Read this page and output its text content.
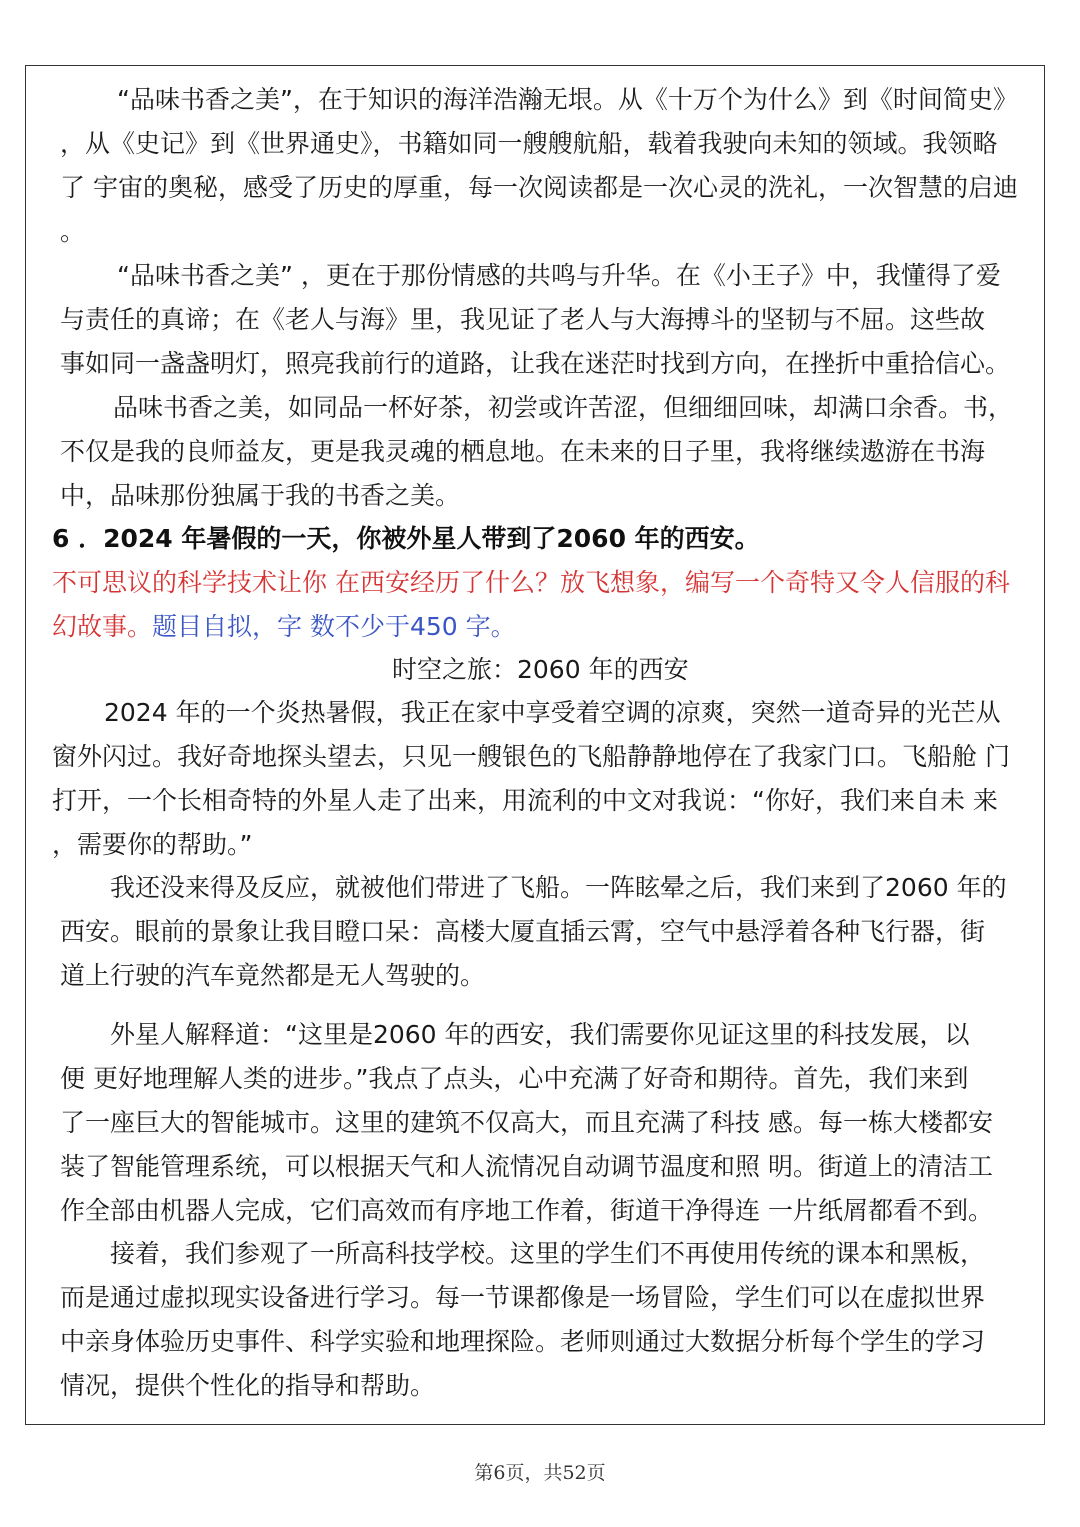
“品味书香之美”，在于知识的海洋浩瀚无垠。从《十万个为什么》到《时间简史》
，从《史记》到《世界通史》，书籍如同一艘艘航船，载着我驶向未知的领域。我领略
了 宇宙的奥秘，感受了历史的厚重，每一次阅读都是一次心灵的洗礼，一次智慧的启迪
。
“品味书香之美” ，更在于那份情感的共鸣与升华。在《小王子》中，我懂得了爱
与责任的真谛；在《老人与海》里，我见证了老人与大海搏斗的坚韧与不屈。这些故
事如同一盏盏明灯，照亮我前行的道路，让我在迷茫时找到方向，在挫折中重拾信心。
品味书香之美，如同品一杯好茶，初尝或许苦涩，但细细回味，却满口余香。书，
不仅是我的良师益友，更是我灵魂的栖息地。在未来的日子里，我将继续遨游在书海
中，品味那份独属于我的书香之美。
6 ．2024 年暑假的一天，你被外星人带到了2060 年的西安。
不可思议的科学技术让你 在西安经历了什么？放飞想象，编写一个奇特又令人信服的科
幻故事。题目自拟，字 数不少于450 字。
时空之旅：2060 年的西安
2024 年的一个炎热暑假，我正在家中享受着空调的凉爽，突然一道奇异的光芒从
窗外闪过。我好奇地探头望去，只见一艘银色的飞船静静地停在了我家门口。飞船舱 门
打开，一个长相奇特的外星人走了出来，用流利的中文对我说：“你好，我们来自未 来
，需要你的帮助。”
我还没来得及反应，就被他们带进了飞船。一阵眩晕之后，我们来到了2060 年的
西安。眼前的景象让我目瞪口呆：高楼大厦直插云霄，空气中悬浮着各种飞行器，街
道上行驶的汽车竟然都是无人驾驶的。
外星人解释道：“这里是2060 年的西安，我们需要你见证这里的科技发展，以
便 更好地理解人类的进步。”我点了点头，心中充满了好奇和期待。首先，我们来到
了一座巨大的智能城市。这里的建筑不仅高大，而且充满了科技 感。每一栋大楼都安
装了智能管理系统，可以根据天气和人流情况自动调节温度和照 明。街道上的清洁工
作全部由机器人完成，它们高效而有序地工作着，街道干净得连 一片纸屑都看不到。
接着，我们参观了一所高科技学校。这里的学生们不再使用传统的课本和黑板，
而是通过虚拟现实设备进行学习。每一节课都像是一场冒险，学生们可以在虚拟世界
中亲身体验历史事件、科学实验和地理探险。老师则通过大数据分析每个学生的学习
情况，提供个性化的指导和帮助。
第6页，共52页
